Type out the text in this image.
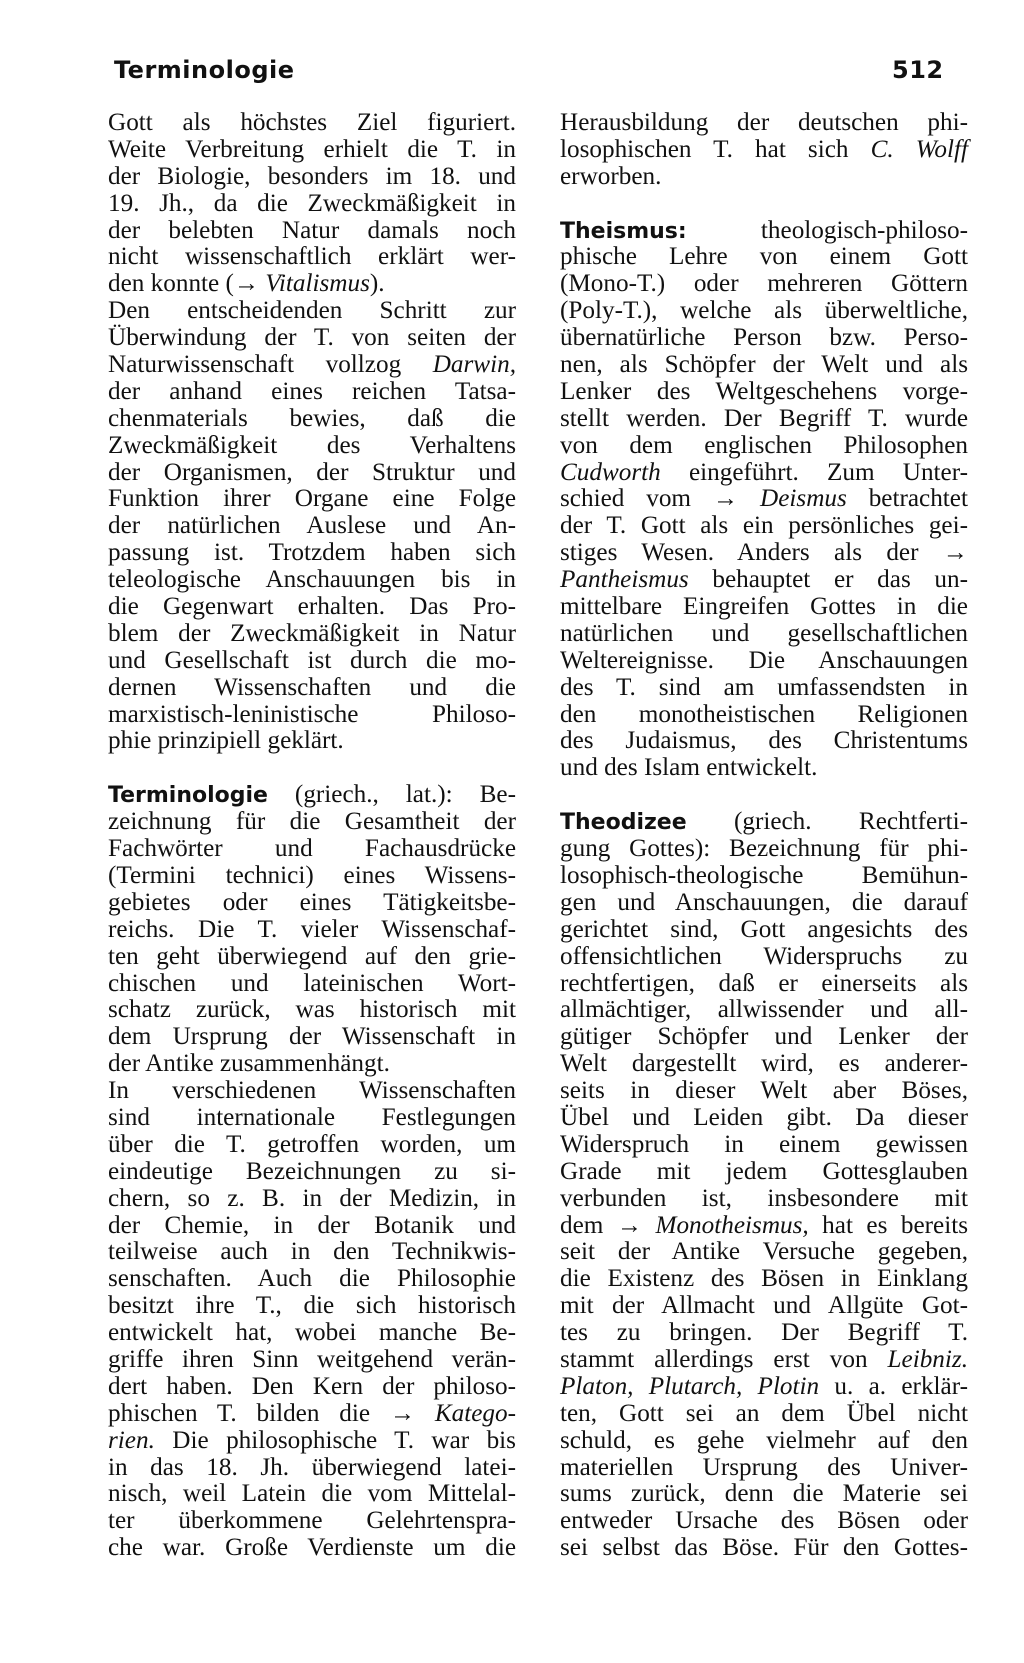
Terminologie	512
Gott als höchstes Ziel figuriert.
Weite Verbreitung erhielt die T. in
der Biologie, besonders im 18. und
19. Jh., da die Zweckmäßigkeit in
der belebten Natur damals noch
nicht wissenschaftlich erklärt wer-
den konnte (→ Vitalismus).
Den entscheidenden Schritt zur
Überwindung der T. von seiten der
Naturwissenschaft vollzog Darwin,
der anhand eines reichen Tatsa-
chenmaterials bewies, daß die
Zweckmäßigkeit des Verhaltens
der Organismen, der Struktur und
Funktion ihrer Organe eine Folge
der natürlichen Auslese und An-
passung ist. Trotzdem haben sich
teleologische Anschauungen bis in
die Gegenwart erhalten. Das Pro-
blem der Zweckmäßigkeit in Natur
und Gesellschaft ist durch die mo-
dernen Wissenschaften und die
marxistisch-leninistische Philoso-
phie prinzipiell geklärt.
Terminologie (griech., lat.): Be-
zeichnung für die Gesamtheit der
Fachwörter und Fachausdrücke
(Termini technici) eines Wissens-
gebietes oder eines Tätigkeitsbe-
reichs. Die T. vieler Wissenschaf-
ten geht überwiegend auf den grie-
chischen und lateinischen Wort-
schatz zurück, was historisch mit
dem Ursprung der Wissenschaft in
der Antike zusammenhängt.
In verschiedenen Wissenschaften
sind internationale Festlegungen
über die T. getroffen worden, um
eindeutige Bezeichnungen zu si-
chern, so z. B. in der Medizin, in
der Chemie, in der Botanik und
teilweise auch in den Technikwis-
senschaften. Auch die Philosophie
besitzt ihre T., die sich historisch
entwickelt hat, wobei manche Be-
griffe ihren Sinn weitgehend verän-
dert haben. Den Kern der philoso-
phischen T. bilden die → Katego-
rien. Die philosophische T. war bis
in das 18. Jh. überwiegend latei-
nisch, weil Latein die vom Mittelal-
ter überkommene Gelehrtenspra-
che war. Große Verdienste um die
Herausbildung der deutschen phi-
losophischen T. hat sich C. Wolff
erworben.
Theismus: theologisch-philoso-
phische Lehre von einem Gott
(Mono-T.) oder mehreren Göttern
(Poly-T.), welche als überweltliche,
übernatürliche Person bzw. Perso-
nen, als Schöpfer der Welt und als
Lenker des Weltgeschehens vorge-
stellt werden. Der Begriff T. wurde
von dem englischen Philosophen
Cudworth eingeführt. Zum Unter-
schied vom → Deismus betrachtet
der T. Gott als ein persönliches gei-
stiges Wesen. Anders als der →
Pantheismus behauptet er das un-
mittelbare Eingreifen Gottes in die
natürlichen und gesellschaftlichen
Weltereignisse. Die Anschauungen
des T. sind am umfassendsten in
den monotheistischen Religionen
des Judaismus, des Christentums
und des Islam entwickelt.
Theodizee (griech. Rechtferti-
gung Gottes): Bezeichnung für phi-
losophisch-theologische Bemühun-
gen und Anschauungen, die darauf
gerichtet sind, Gott angesichts des
offensichtlichen Widerspruchs zu
rechtfertigen, daß er einerseits als
allmächtiger, allwissender und all-
gütiger Schöpfer und Lenker der
Welt dargestellt wird, es anderer-
seits in dieser Welt aber Böses,
Übel und Leiden gibt. Da dieser
Widerspruch in einem gewissen
Grade mit jedem Gottesglauben
verbunden ist, insbesondere mit
dem → Monotheismus, hat es bereits
seit der Antike Versuche gegeben,
die Existenz des Bösen in Einklang
mit der Allmacht und Allgüte Got-
tes zu bringen. Der Begriff T.
stammt allerdings erst von Leibniz.
Platon, Plutarch, Plotin u. a. erklär-
ten, Gott sei an dem Übel nicht
schuld, es gehe vielmehr auf den
materiellen Ursprung des Univer-
sums zurück, denn die Materie sei
entweder Ursache des Bösen oder
sei selbst das Böse. Für den Gottes-
